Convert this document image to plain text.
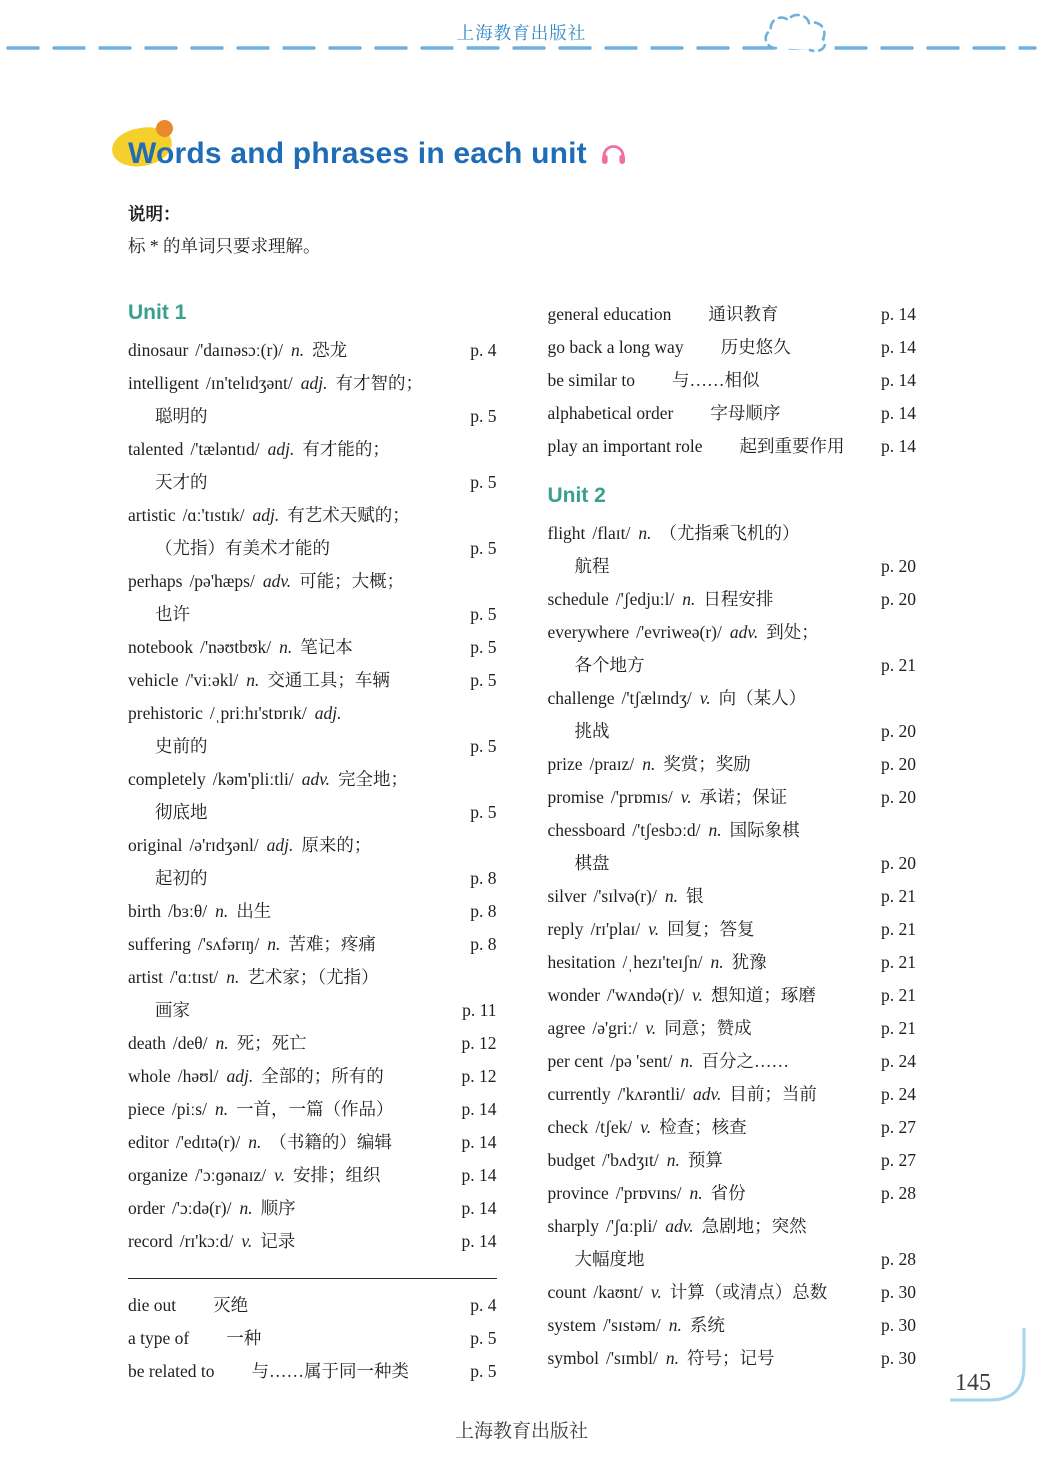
上海教育出版社
Words and phrases in each unit
说明：
标 * 的单词只要求理解。
Unit 1
dinosaur /'daɪnəsɔː(r)/ n. 恐龙	p. 4
intelligent /ɪn'telɪdʒənt/ adj. 有才智的；
聪明的	p. 5
talented /'tæləntɪd/ adj. 有才能的；
天才的	p. 5
artistic /ɑː'tɪstɪk/ adj. 有艺术天赋的；
（尤指）有美术才能的	p. 5
perhaps /pə'hæps/ adv. 可能；大概；
也许	p. 5
notebook /'nəʊtbʊk/ n. 笔记本	p. 5
vehicle /'viːəkl/ n. 交通工具；车辆	p. 5
prehistoric /ˌpriːhɪ'stɒrɪk/ adj.
史前的	p. 5
completely /kəm'pliːtli/ adv. 完全地；
彻底地	p. 5
original /ə'rɪdʒənl/ adj. 原来的；
起初的	p. 8
birth /bɜːθ/ n. 出生	p. 8
suffering /'sʌfərɪŋ/ n. 苦难；疼痛	p. 8
artist /'ɑːtɪst/ n. 艺术家；（尤指）
画家	p. 11
death /deθ/ n. 死；死亡	p. 12
whole /həʊl/ adj. 全部的；所有的	p. 12
piece /piːs/ n. 一首，一篇（作品）	p. 14
editor /'edɪtə(r)/ n. （书籍的）编辑	p. 14
organize /'ɔːɡənaɪz/ v. 安排；组织	p. 14
order /'ɔːdə(r)/ n. 顺序	p. 14
record /rɪ'kɔːd/ v. 记录	p. 14
die out 灭绝	p. 4
a type of 一种	p. 5
be related to 与……属于同一种类	p. 5
general education 通识教育	p. 14
go back a long way 历史悠久	p. 14
be similar to 与……相似	p. 14
alphabetical order 字母顺序	p. 14
play an important role 起到重要作用	p. 14
Unit 2
flight /flaɪt/ n. （尤指乘飞机的）
航程	p. 20
schedule /'ʃedjuːl/ n. 日程安排	p. 20
everywhere /'evriweə(r)/ adv. 到处；
各个地方	p. 21
challenge /'tʃælɪndʒ/ v. 向（某人）
挑战	p. 20
prize /praɪz/ n. 奖赏；奖励	p. 20
promise /'prɒmɪs/ v. 承诺；保证	p. 20
chessboard /'tʃesbɔːd/ n. 国际象棋
棋盘	p. 20
silver /'sɪlvə(r)/ n. 银	p. 21
reply /rɪ'plaɪ/ v. 回复；答复	p. 21
hesitation /ˌhezɪ'teɪʃn/ n. 犹豫	p. 21
wonder /'wʌndə(r)/ v. 想知道；琢磨	p. 21
agree /ə'griː/ v. 同意；赞成	p. 21
per cent /pə 'sent/ n. 百分之……	p. 24
currently /'kʌrəntli/ adv. 目前；当前	p. 24
check /tʃek/ v. 检查；核查	p. 27
budget /'bʌdʒɪt/ n. 预算	p. 27
province /'prɒvɪns/ n. 省份	p. 28
sharply /'ʃɑːpli/ adv. 急剧地；突然
大幅度地	p. 28
count /kaʊnt/ v. 计算（或清点）总数	p. 30
system /'sɪstəm/ n. 系统	p. 30
symbol /'sɪmbl/ n. 符号；记号	p. 30
145
上海教育出版社
